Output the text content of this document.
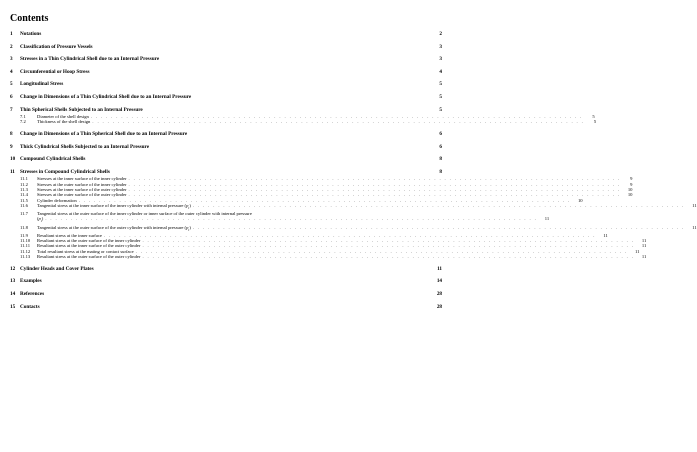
Contents
1	Notations	2
2	Classification of Pressure Vessels	3
3	Stresses in a Thin Cylindrical Shell due to an Internal Pressure	3
4	Circumferential or Hoop Stress	4
5	Longitudinal Stress	5
6	Change in Dimensions of a Thin Cylindrical Shell due to an Internal Pressure	5
7	Thin Spherical Shells Subjected to an Internal Pressure	5
7.1	Diameter of the shell design . . . . . . . . . . . . . . . . . . . . . . . . . . . . . . . . . . . . . . . . . . . . . . . . . . . . . . . . . . . . . . . . . . . . . . . . . . . . . . . . . . . . . . . . . . . . . . . . .	5
7.2	Thickness of the shell design . . . . . . . . . . . . . . . . . . . . . . . . . . . . . . . . . . . . . . . . . . . . . . . . . . . . . . . . . . . . . . . . . . . . . . . . . . . . . . . . . . . . . . . . . . . . . . . . .	5
8	Change in Dimensions of a Thin Spherical Shell due to an Internal Pressure	6
9	Thick Cylindrical Shells Subjected to an Internal Pressure	6
10 Compound Cylindrical Shells	8
11 Stresses in Compound Cylindrical Shells	8
11.1	Stresses at the inner surface of the inner cylinder . . . . . . . . . . . . . . . . . . . . . . . . . . . . . . . . . . . . . . . . . . . . . . . . . . . . . . . . . . . . . . . . . . . . . . . . . . . . . . . . . . . . . . . . . . . . . . . . .	9
11.2	Stresses at the outer surface of the inner cylinder . . . . . . . . . . . . . . . . . . . . . . . . . . . . . . . . . . . . . . . . . . . . . . . . . . . . . . . . . . . . . . . . . . . . . . . . . . . . . . . . . . . . . . . . . . . . . . . . .	9
11.3	Stresses at the inner surface of the outer cylinder . . . . . . . . . . . . . . . . . . . . . . . . . . . . . . . . . . . . . . . . . . . . . . . . . . . . . . . . . . . . . . . . . . . . . . . . . . . . . . . . . . . . . . . . . . . . . . . . .	10
11.4	Stresses at the outer surface of the outer cylinder . . . . . . . . . . . . . . . . . . . . . . . . . . . . . . . . . . . . . . . . . . . . . . . . . . . . . . . . . . . . . . . . . . . . . . . . . . . . . . . . . . . . . . . . . . . . . . . . .	10
11.5	Cylinder deformation . . . . . . . . . . . . . . . . . . . . . . . . . . . . . . . . . . . . . . . . . . . . . . . . . . . . . . . . . . . . . . . . . . . . . . . . . . . . . . . . . . . . . . . . . . . . . . . . .	10
11.6	Tangential stress at the inner surface of the inner cylinder with internal pressure $(p_i)$ . . . . . . . . . . . . . . . . . . . . . . . . . . . . . . . . . . . . . . . . . . . . . . . . . . . . . . . . . . . . . . . . . . . . . . . . . . . . . . . . . . . . . . . . . . . . . . . . .	11
11.7	Tangential stress at the outer surface of the inner cylinder or inner surface of the outer cylinder with internal pressure
$(p_i)$ . . . . . . . . . . . . . . . . . . . . . . . . . . . . . . . . . . . . . . . . . . . . . . . . . . . . . . . . . . . . . . . . . . . . . . . . . . . . . . . . . . . . . . . . . . . . . . . . .	11
11.8	Tangential stress at the outer surface of the outer cylinder with internal pressure $(p_i)$ . . . . . . . . . . . . . . . . . . . . . . . . . . . . . . . . . . . . . . . . . . . . . . . . . . . . . . . . . . . . . . . . . . . . . . . . . . . . . . . . . . . . . . . . . . . . . . . . .	11
11.9	Resultant stress at the inner surface . . . . . . . . . . . . . . . . . . . . . . . . . . . . . . . . . . . . . . . . . . . . . . . . . . . . . . . . . . . . . . . . . . . . . . . . . . . . . . . . . . . . . . . . . . . . . . . . .	11
11.10	Resultant stress at the outer surface of the inner cylinder . . . . . . . . . . . . . . . . . . . . . . . . . . . . . . . . . . . . . . . . . . . . . . . . . . . . . . . . . . . . . . . . . . . . . . . . . . . . . . . . . . . . . . . . . . . . . . . . .	11
11.11	Resultant stress at the inner surface of the outer cylinder . . . . . . . . . . . . . . . . . . . . . . . . . . . . . . . . . . . . . . . . . . . . . . . . . . . . . . . . . . . . . . . . . . . . . . . . . . . . . . . . . . . . . . . . . . . . . . . . .	11
11.12	Total resultant stress at the mating or contact surface . . . . . . . . . . . . . . . . . . . . . . . . . . . . . . . . . . . . . . . . . . . . . . . . . . . . . . . . . . . . . . . . . . . . . . . . . . . . . . . . . . . . . . . . . . . . . . . . .	11
11.13	Resultant stress at the outer surface of the outer cylinder . . . . . . . . . . . . . . . . . . . . . . . . . . . . . . . . . . . . . . . . . . . . . . . . . . . . . . . . . . . . . . . . . . . . . . . . . . . . . . . . . . . . . . . . . . . . . . . . .	11
12 Cylinder Heads and Cover Plates	11
13 Examples	14
14 References	28
15 Contacts	28
